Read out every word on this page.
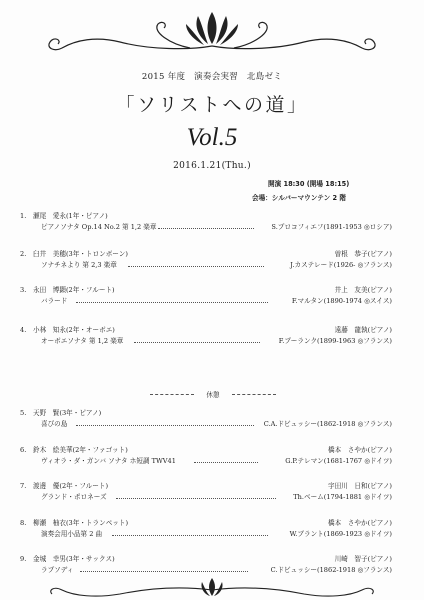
2015 年度　演奏会実習　北島ゼミ
「ソリストへの道」
Vol.5
2016.1.21(Thu.)
開演 18:30 (開場 18:15)
会場：シルバーマウンテン 2 階
1. 瀬尾　愛永(1年・ピアノ)
ピアノソナタ Op.14 No.2 第 1,2 楽章	S.プロコフィエフ(1891-1953 ◎ロシア)
2. 臼井　美穂(3年・トロンボーン)	曽根　恭子(ピアノ)
ソナチネより 第 2,3 楽章	J.カステレード(1926- ◎フランス)
3. 永田　博顕(2年・フルート)	井上　友美(ピアノ)
バラード	F.マルタン(1890-1974 ◎スイス)
4. 小林　知永(2年・オーボエ)	遠藤　龍執(ピアノ)
オーボエソナタ 第 1,2 楽章	F.プーランク(1899-1963 ◎フランス)
休憩
5. 天野　賢(3年・ピアノ)
喜びの島	C.A.ドビュッシー(1862-1918 ◎フランス)
6. 鈴木　絵美華(2年・ファゴット)	橋本　さやか(ピアノ)
ヴィオラ・ダ・ガンバ ソナタ ホ短調 TWV41	G.P.テレマン(1681-1767 ◎ドイツ)
7. 渡邊　優(2年・フルート)	宇田川　日和(ピアノ)
グランド・ポロネーズ	Th.ベーム(1794-1881 ◎ドイツ)
8. 柳瀬　柚衣(3年・トランペット)	橋本　さやか(ピアノ)
演奏会用小品第 2 曲	W.ブラント(1869-1923 ◎ドイツ)
9. 金城　幸男(3年・サックス)	川崎　智子(ピアノ)
ラプソディ	C.ドビュッシー(1862-1918 ◎フランス)
